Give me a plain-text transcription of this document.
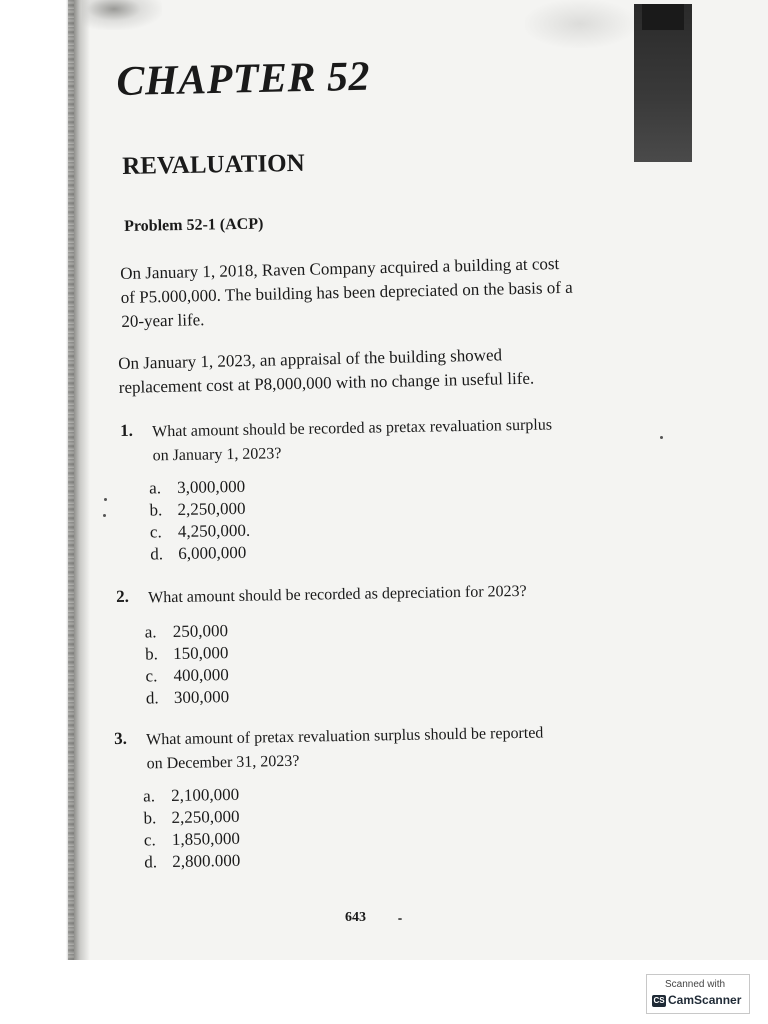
CHAPTER 52
REVALUATION
Problem 52-1 (ACP)
On January 1, 2018, Raven Company acquired a building at cost
of P5.000,000. The building has been depreciated on the basis of a
20-year life.
On January 1, 2023, an appraisal of the building showed
replacement cost at P8,000,000 with no change in useful life.
1. What amount should be recorded as pretax revaluation surplus
on January 1, 2023?
a. 3,000,000
b. 2,250,000
c. 4,250,000.
d. 6,000,000
2. What amount should be recorded as depreciation for 2023?
a. 250,000
b. 150,000
c. 400,000
d. 300,000
3. What amount of pretax revaluation surplus should be reported
on December 31, 2023?
a. 2,100,000
b. 2,250,000
c. 1,850,000
d. 2,800.000
643
Scanned with
CS CamScanner
